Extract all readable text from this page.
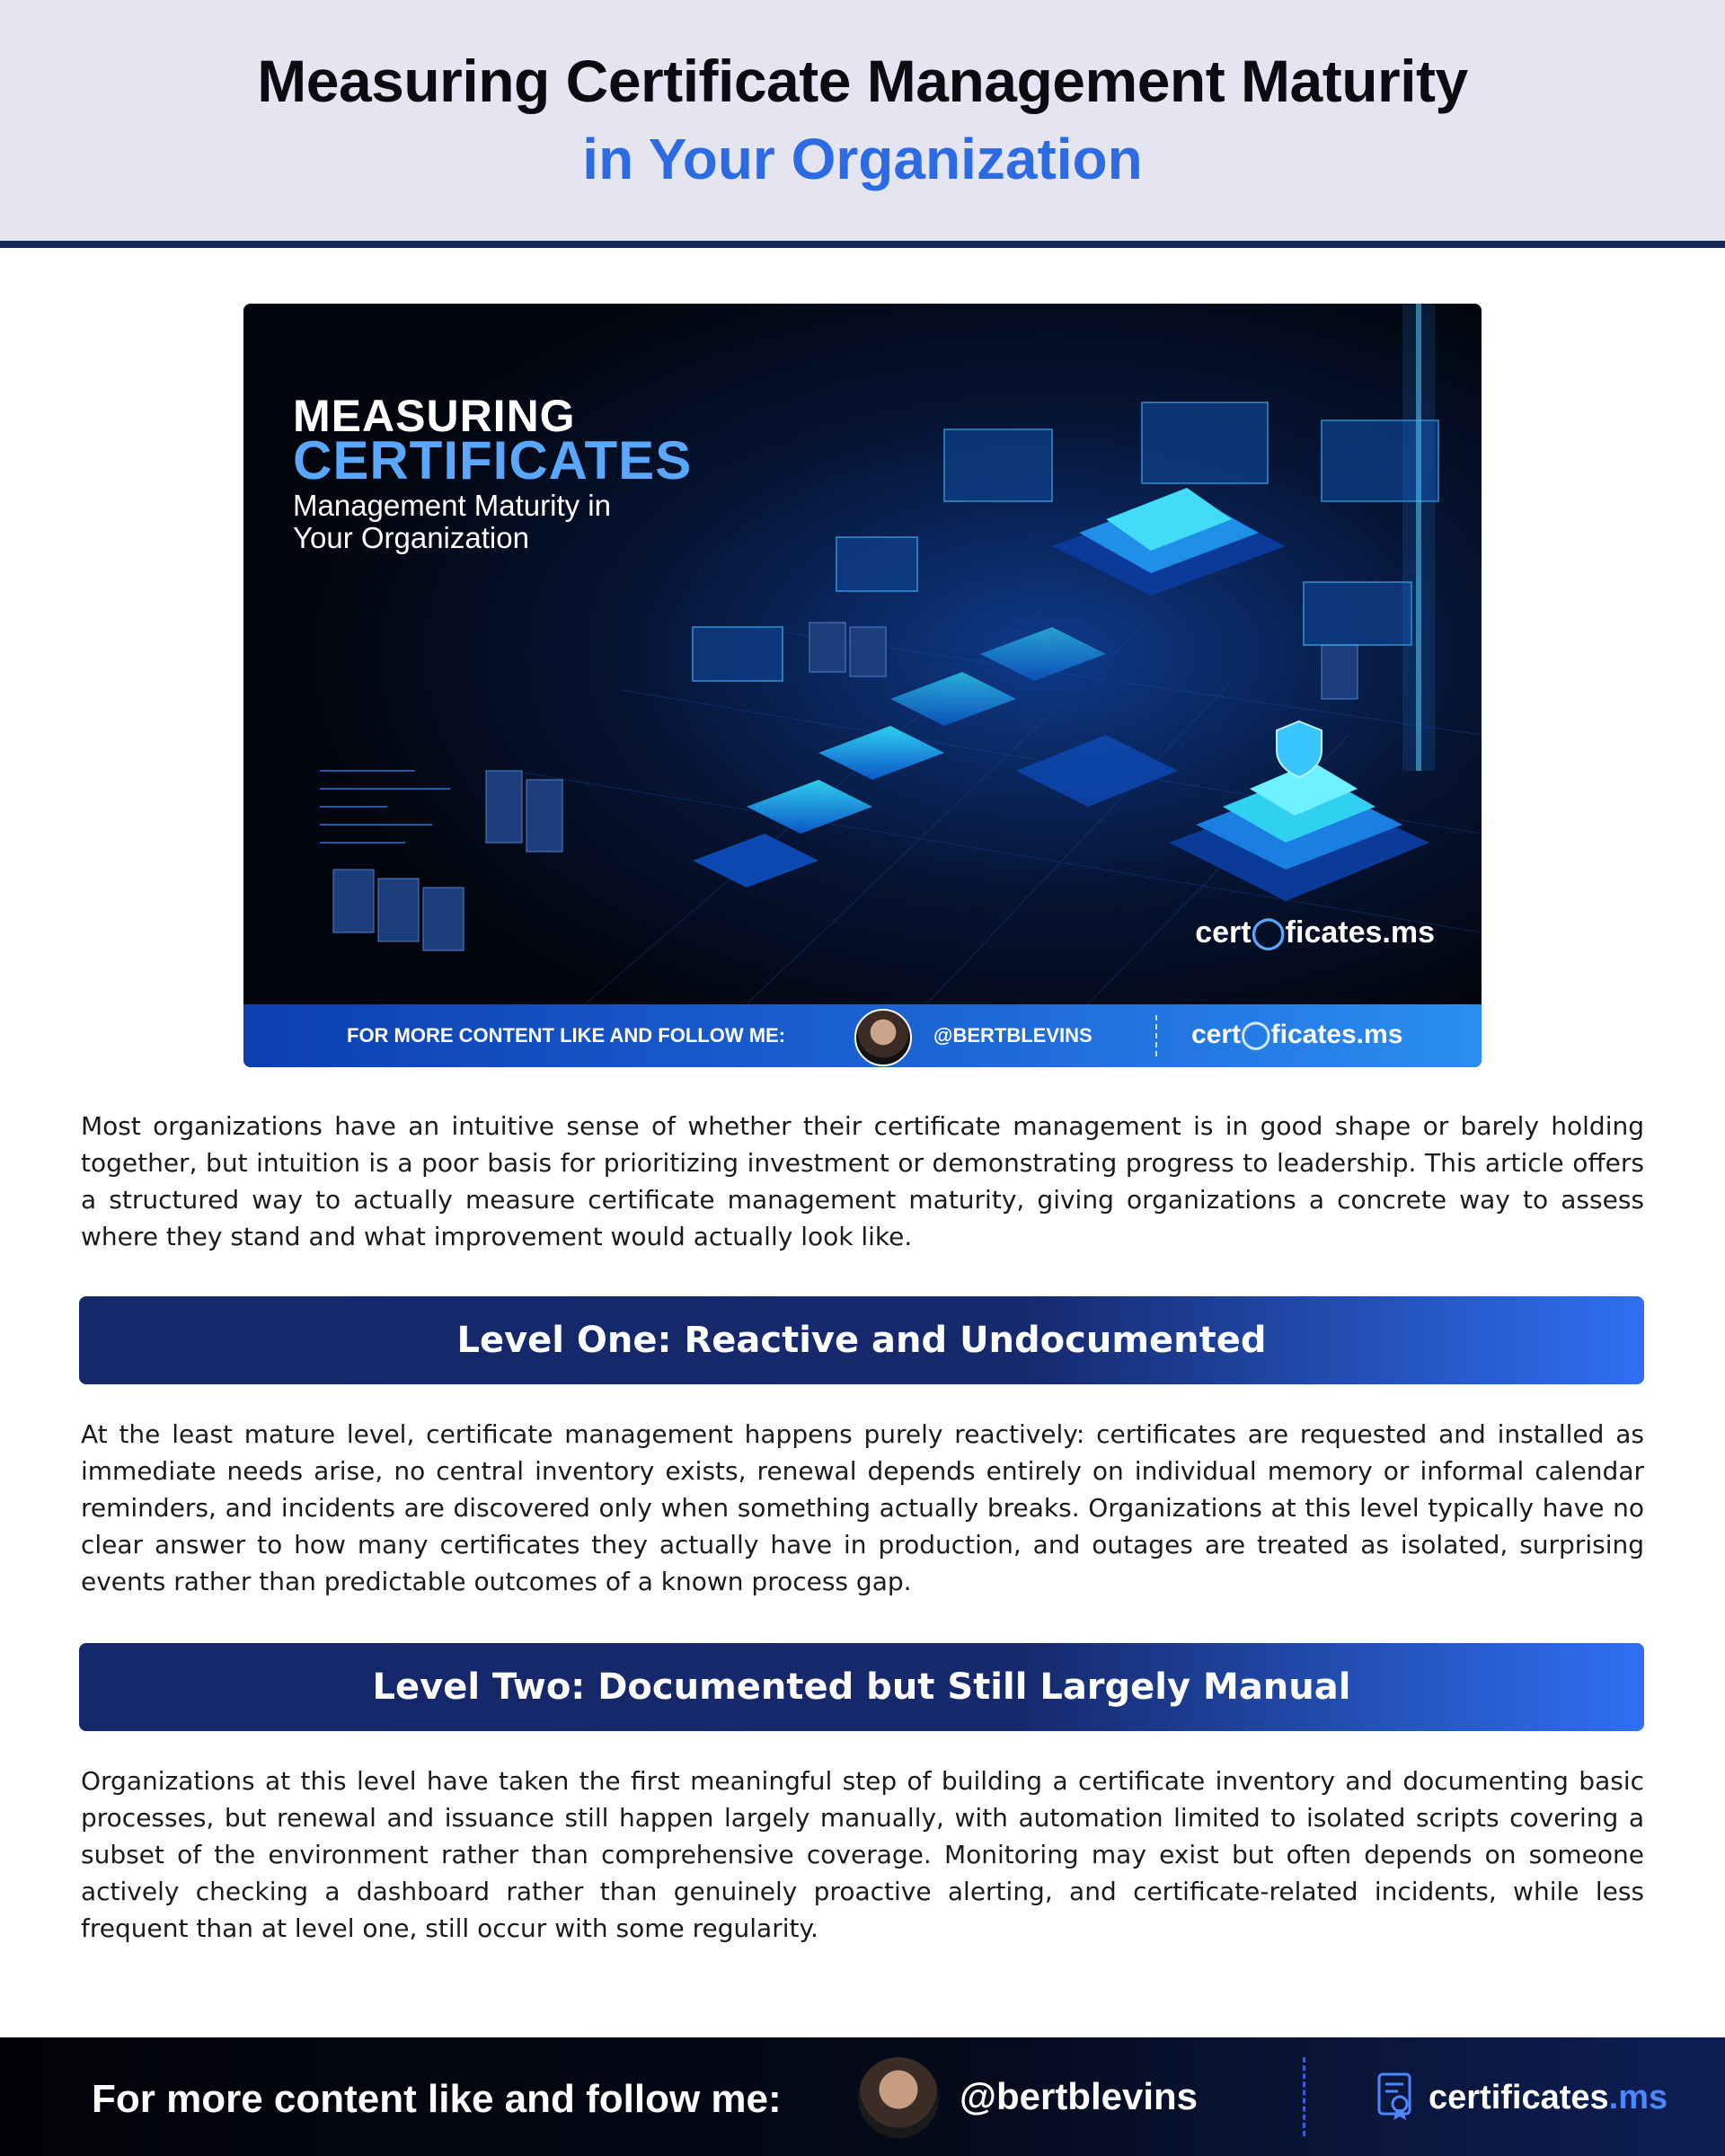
Measuring Certificate Management Maturity
in Your Organization
MEASURING
CERTIFICATES
Management Maturity in
Your Organization
cert◯ficates.ms
FOR MORE CONTENT LIKE AND FOLLOW ME:	@BERTBLEVINS	cert◯ficates.ms
Most organizations have an intuitive sense of whether their certificate management is in good shape or barely holding together, but intuition is a poor basis for prioritizing investment or demonstrating progress to leadership. This article offers a structured way to actually measure certificate management maturity, giving organizations a concrete way to assess where they stand and what improvement would actually look like.
Level One: Reactive and Undocumented
At the least mature level, certificate management happens purely reactively: certificates are requested and installed as immediate needs arise, no central inventory exists, renewal depends entirely on individual memory or informal calendar reminders, and incidents are discovered only when something actually breaks. Organizations at this level typically have no clear answer to how many certificates they actually have in production, and outages are treated as isolated, surprising events rather than predictable outcomes of a known process gap.
Level Two: Documented but Still Largely Manual
Organizations at this level have taken the first meaningful step of building a certificate inventory and documenting basic processes, but renewal and issuance still happen largely manually, with automation limited to isolated scripts covering a subset of the environment rather than comprehensive coverage. Monitoring may exist but often depends on someone actively checking a dashboard rather than genuinely proactive alerting, and certificate-related incidents, while less frequent than at level one, still occur with some regularity.
For more content like and follow me:	@bertblevins	certificates.ms
